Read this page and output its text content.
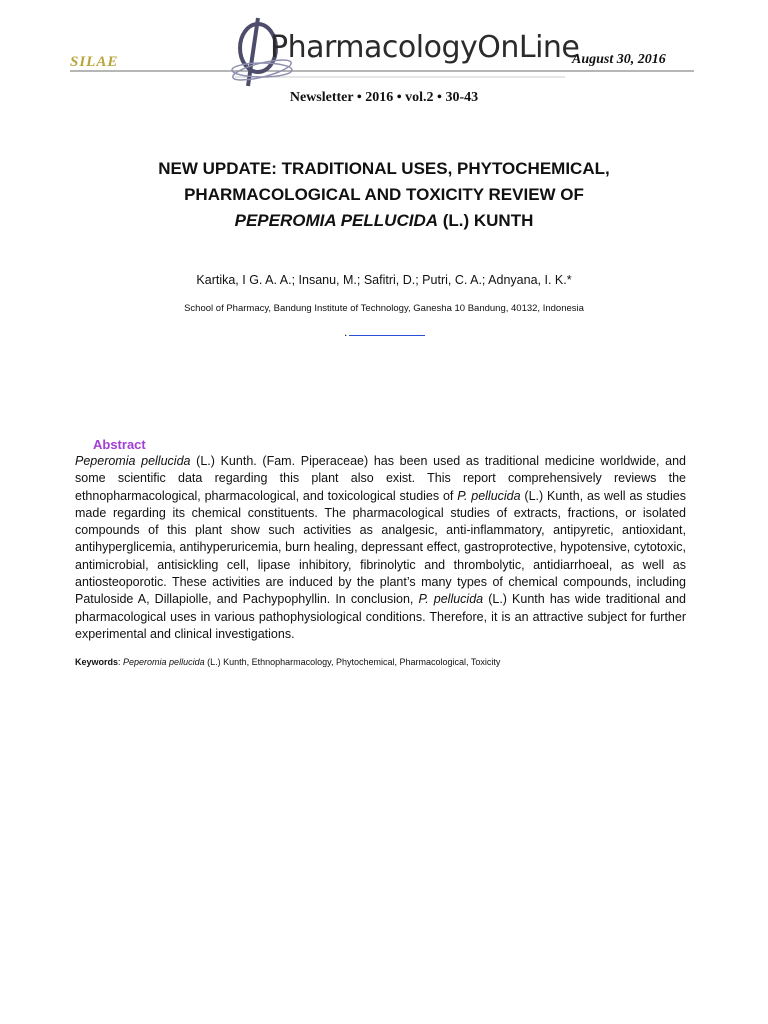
SILAE	PharmacologyOnLine
August 30, 2016
Newsletter • 2016 • vol.2 • 30-43
NEW UPDATE: TRADITIONAL USES, PHYTOCHEMICAL,
PHARMACOLOGICAL AND TOXICITY REVIEW OF
PEPEROMIA PELLUCIDA (L.) KUNTH
Kartika, I G. A. A.; Insanu, M.; Safitri, D.; Putri, C. A.; Adnyana, I. K.*
School of Pharmacy, Bandung Institute of Technology, Ganesha 10 Bandung, 40132, Indonesia
.
Abstract
Peperomia pellucida (L.) Kunth. (Fam. Piperaceae) has been used as traditional medicine worldwide, and some scientific data regarding this plant also exist. This report comprehensively reviews the ethnopharmacological, pharmacological, and toxicological studies of P. pellucida (L.) Kunth, as well as studies made regarding its chemical constituents. The pharmacological studies of extracts, fractions, or isolated compounds of this plant show such activities as analgesic, anti-inflammatory, antipyretic, antioxidant, antihyperglicemia, antihyperuricemia, burn healing, depressant effect, gastroprotective, hypotensive, cytotoxic, antimicrobial, antisickling cell, lipase inhibitory, fibrinolytic and thrombolytic, antidiarrhoeal, as well as antiosteoporotic. These activities are induced by the plant’s many types of chemical compounds, including Patuloside A, Dillapiolle, and Pachypophyllin. In conclusion, P. pellucida (L.) Kunth has wide traditional and pharmacological uses in various pathophysiological conditions. Therefore, it is an attractive subject for further experimental and clinical investigations.
Keywords: Peperomia pellucida (L.) Kunth, Ethnopharmacology, Phytochemical, Pharmacological, Toxicity
